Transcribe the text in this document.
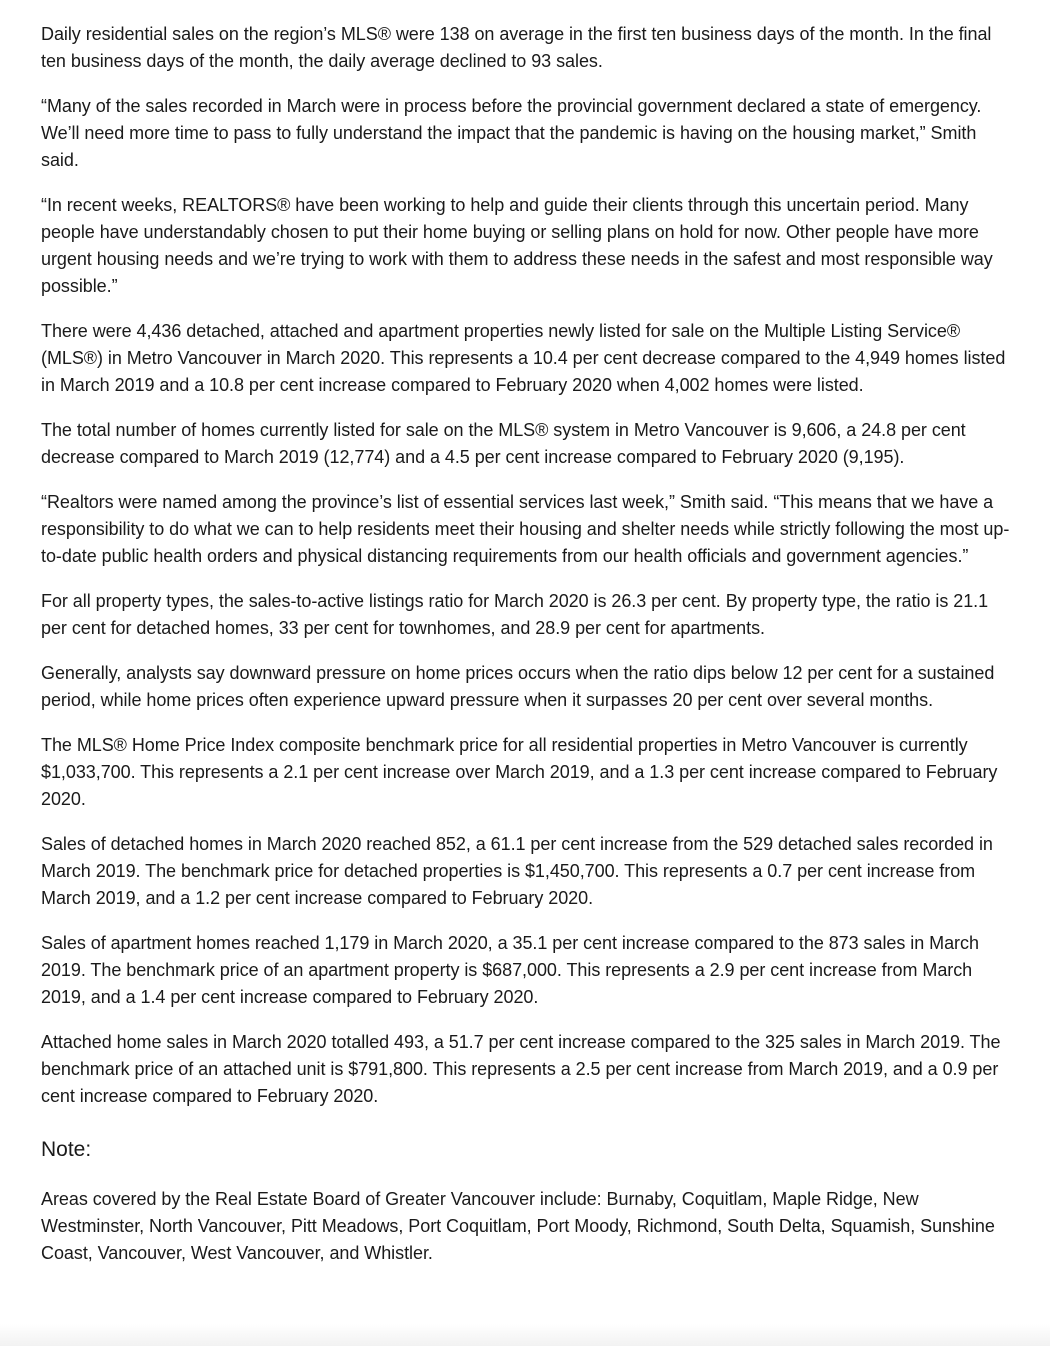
Daily residential sales on the region’s MLS® were 138 on average in the first ten business days of the month. In the final ten business days of the month, the daily average declined to 93 sales.

“Many of the sales recorded in March were in process before the provincial government declared a state of emergency. We’ll need more time to pass to fully understand the impact that the pandemic is having on the housing market,” Smith said.

“In recent weeks, REALTORS® have been working to help and guide their clients through this uncertain period. Many people have understandably chosen to put their home buying or selling plans on hold for now. Other people have more urgent housing needs and we’re trying to work with them to address these needs in the safest and most responsible way possible.”

There were 4,436 detached, attached and apartment properties newly listed for sale on the Multiple Listing Service® (MLS®) in Metro Vancouver in March 2020. This represents a 10.4 per cent decrease compared to the 4,949 homes listed in March 2019 and a 10.8 per cent increase compared to February 2020 when 4,002 homes were listed.

The total number of homes currently listed for sale on the MLS® system in Metro Vancouver is 9,606, a 24.8 per cent decrease compared to March 2019 (12,774) and a 4.5 per cent increase compared to February 2020 (9,195).

“Realtors were named among the province’s list of essential services last week,” Smith said. “This means that we have a responsibility to do what we can to help residents meet their housing and shelter needs while strictly following the most up-to-date public health orders and physical distancing requirements from our health officials and government agencies.”

For all property types, the sales-to-active listings ratio for March 2020 is 26.3 per cent. By property type, the ratio is 21.1 per cent for detached homes, 33 per cent for townhomes, and 28.9 per cent for apartments.

Generally, analysts say downward pressure on home prices occurs when the ratio dips below 12 per cent for a sustained period, while home prices often experience upward pressure when it surpasses 20 per cent over several months.

The MLS® Home Price Index composite benchmark price for all residential properties in Metro Vancouver is currently $1,033,700. This represents a 2.1 per cent increase over March 2019, and a 1.3 per cent increase compared to February 2020.

Sales of detached homes in March 2020 reached 852, a 61.1 per cent increase from the 529 detached sales recorded in March 2019. The benchmark price for detached properties is $1,450,700. This represents a 0.7 per cent increase from March 2019, and a 1.2 per cent increase compared to February 2020.

Sales of apartment homes reached 1,179 in March 2020, a 35.1 per cent increase compared to the 873 sales in March 2019. The benchmark price of an apartment property is $687,000. This represents a 2.9 per cent increase from March 2019, and a 1.4 per cent increase compared to February 2020.

Attached home sales in March 2020 totalled 493, a 51.7 per cent increase compared to the 325 sales in March 2019. The benchmark price of an attached unit is $791,800. This represents a 2.5 per cent increase from March 2019, and a 0.9 per cent increase compared to February 2020.

Note:

Areas covered by the Real Estate Board of Greater Vancouver include: Burnaby, Coquitlam, Maple Ridge, New Westminster, North Vancouver, Pitt Meadows, Port Coquitlam, Port Moody, Richmond, South Delta, Squamish, Sunshine Coast, Vancouver, West Vancouver, and Whistler.
